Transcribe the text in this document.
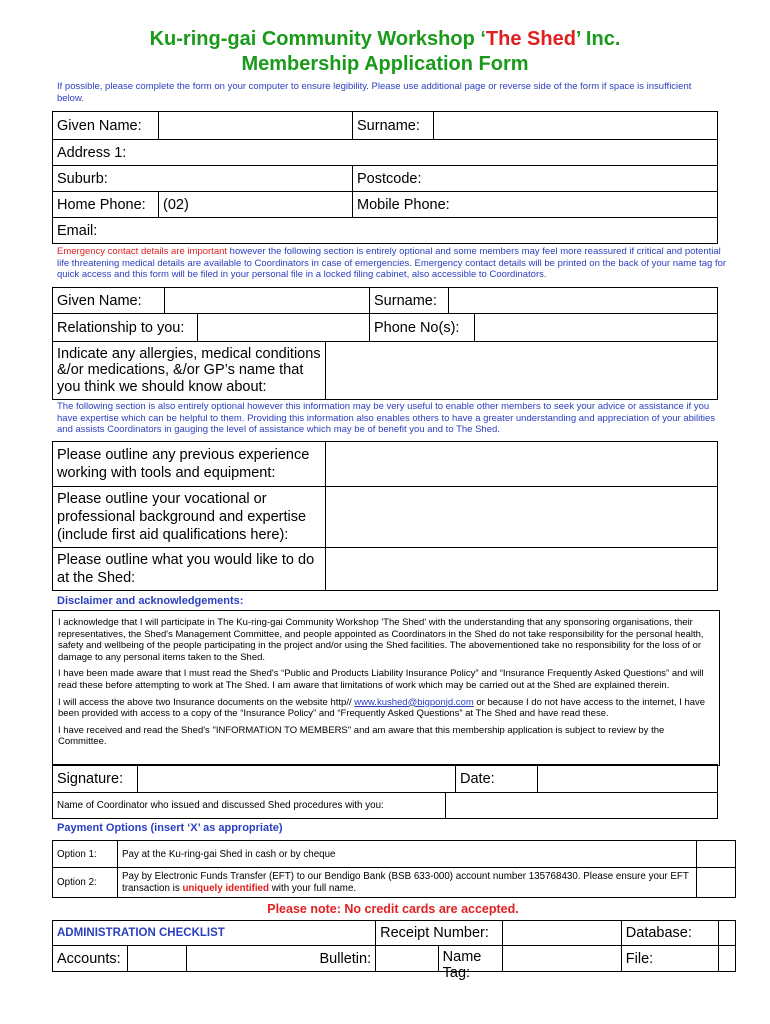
Ku-ring-gai Community Workshop ‘The Shed’ Inc.
Membership Application Form
If possible, please complete the form on your computer to ensure legibility. Please use additional page or reverse side of the form if space is insufficient below.
Given Name:		Surname:	
Address 1:			
Suburb:		Postcode:	
Home Phone:	(02)	Mobile Phone:	
Email:			
Emergency contact details are important however the following section is entirely optional and some members may feel more reassured if critical and potential life threatening medical details are available to Coordinators in case of emergencies. Emergency contact details will be printed on the back of your name tag for quick access and this form will be filed in your personal file in a locked filing cabinet, also accessible to Coordinators.
Given Name:		Surname:	
Relationship to you:		Phone No(s):	
Indicate any allergies, medical conditions &/or medications, &/or GP’s name that you think we should know about:	
The following section is also entirely optional however this information may be very useful to enable other members to seek your advice or assistance if you have expertise which can be helpful to them. Providing this information also enables others to have a greater understanding and appreciation of your abilities and assists Coordinators in gauging the level of assistance which may be of benefit you and to The Shed.
Please outline any previous experience working with tools and equipment:	
Please outline your vocational or professional background and expertise (include first aid qualifications here):	
Please outline what you would like to do at the Shed:	
Disclaimer and acknowledgements:

I acknowledge that I will participate in The Ku-ring-gai Community Workshop 'The Shed' with the understanding that any sponsoring organisations, their representatives, the Shed's Management Committee, and people appointed as Coordinators in the Shed do not take responsibility for the personal health, safety and wellbeing of the people participating in the project and/or using the Shed facilities. The abovementioned take no responsibility for the loss of or damage to any personal items taken to the Shed.

I have been made aware that I must read the Shed's “Public and Products Liability Insurance Policy” and “Insurance Frequently Asked Questions” and will read these before attempting to work at The Shed. I am aware that limitations of work which may be carried out at the Shed are explained therein.

I will access the above two Insurance documents on the website http// www.kushed@bigponjd.com or because I do not have access to the internet, I have been provided with access to a copy of the “Insurance Policy” and “Frequently Asked Questions” at The Shed and have read these.

I have received and read the Shed's "INFORMATION TO MEMBERS" and am aware that this membership application is subject to review by the Committee.

Signature:		Date:	
Name of Coordinator who issued and discussed Shed procedures with you:	
Payment Options (insert ‘X’ as appropriate)
Option 1:	Pay at the Ku-ring-gai Shed in cash or by cheque	
Option 2:	Pay by Electronic Funds Transfer (EFT) to our Bendigo Bank (BSB 633-000) account number 135768430. Please ensure your EFT transaction is uniquely identified with your full name.	
Please note: No credit cards are accepted.
ADMINISTRATION CHECKLIST			Receipt Number:		Database:	
Accounts:		Bulletin:	Name Tag:		File:	
